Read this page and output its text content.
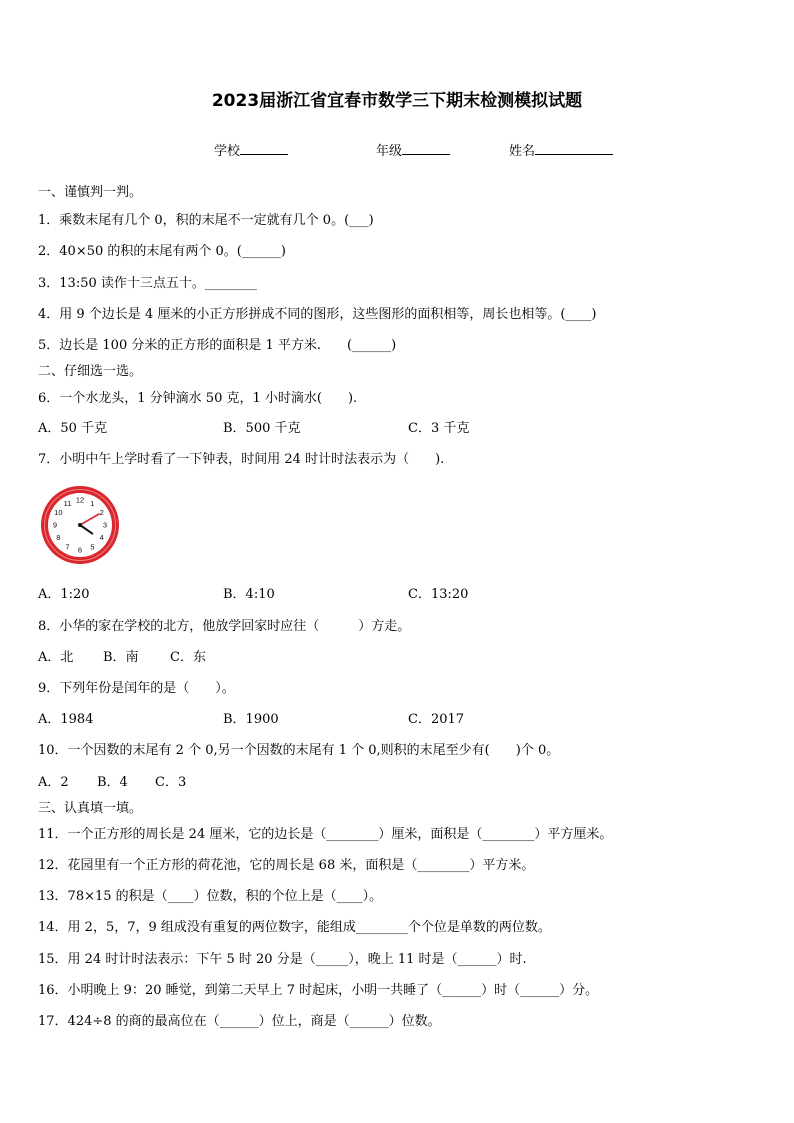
2023届浙江省宜春市数学三下期末检测模拟试题
学校	年级	姓名
一、谨慎判一判。
1．乘数末尾有几个 0，积的末尾不一定就有几个 0。(___)
2．40×50 的积的末尾有两个 0。(______)
3．13:50 读作十三点五十。________
4．用 9 个边长是 4 厘米的小正方形拼成不同的图形，这些图形的面积相等，周长也相等。(____)
5．边长是 100 分米的正方形的面积是 1 平方米.　　(______)
二、仔细选一选。
6．一个水龙头，1 分钟滴水 50 克，1 小时滴水(　　).
A．50 千克	B．500 千克	C．3 千克
7．小明中午上学时看了一下钟表，时间用 24 时计时法表示为（　　).
12 1
2
3
4
5
6
7
8
9
10
11
A．1:20	B．4:10	C．13:20
8．小华的家在学校的北方，他放学回家时应往（　　　）方走。
A．北 B．南 C．东
9．下列年份是闰年的是（　　）。
A．1984	B．1900	C．2017
10．一个因数的末尾有 2 个 0,另一个因数的末尾有 1 个 0,则积的末尾至少有(　　)个 0。
A．2 B．4 C．3
三、认真填一填。
11．一个正方形的周长是 24 厘米，它的边长是（________）厘米，面积是（________）平方厘米。
12．花园里有一个正方形的荷花池，它的周长是 68 米，面积是（________）平方米。
13．78×15 的积是（____）位数，积的个位上是（____）。
14．用 2，5，7，9 组成没有重复的两位数字，能组成________个个位是单数的两位数。
15．用 24 时计时法表示：下午 5 时 20 分是（_____），晚上 11 时是（______）时.
16．小明晚上 9：20 睡觉，到第二天早上 7 时起床，小明一共睡了（______）时（______）分。
17．424÷8 的商的最高位在（______）位上，商是（______）位数。
